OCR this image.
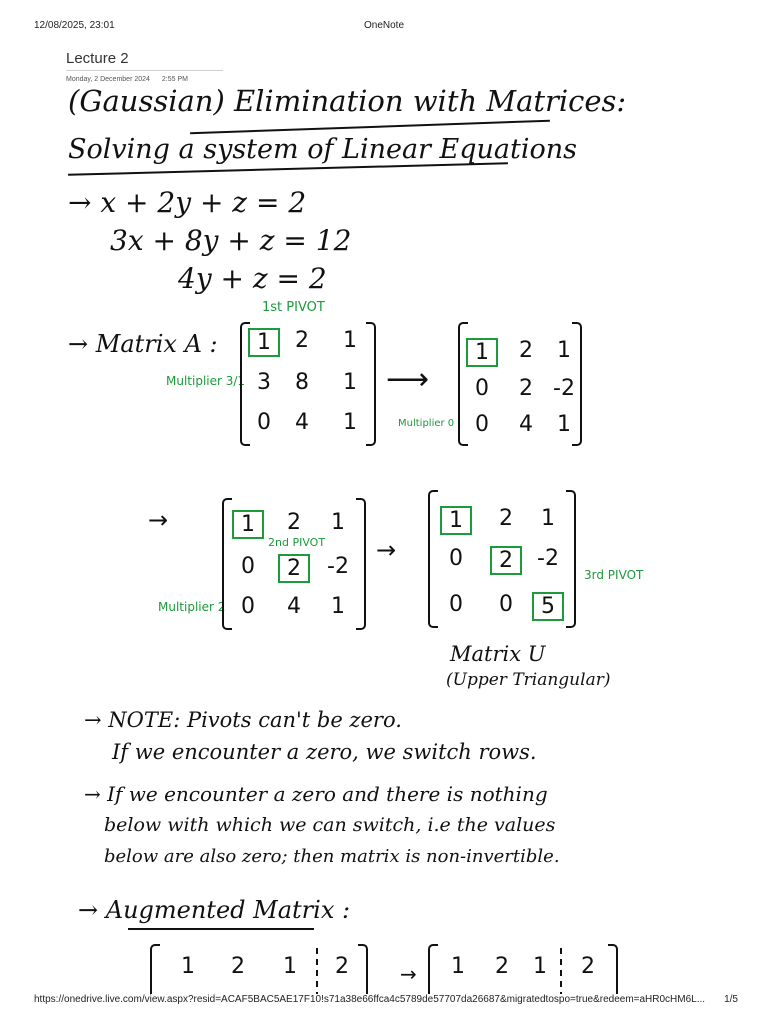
12/08/2025, 23:01	OneNote
Lecture 2
Monday, 2 December 2024 2:55 PM
(Gaussian) Elimination with Matrices:
Solving a system of Linear Equations
→ x + 2y + z = 2
3x + 8y + z = 12
4y + z = 2
→ Matrix A :
1st PIVOT
Multiplier 3/1
1	2	1
3	8	1
0	4	1
⟶
Multiplier 0
1	2	1
0	2 -2
0	4	1
→
2nd PIVOT
Multiplier 2
1	2	1
0	2	-2
0	4	1
→
1	2	1
0	2	-2
0	0	5
3rd PIVOT
Matrix U
(Upper Triangular)
→ NOTE: Pivots can't be zero.
If we encounter a zero, we switch rows.
→ If we encounter a zero and there is nothing
below with which we can switch, i.e the values
below are also zero; then matrix is non-invertible.
→ Augmented Matrix :
1	2	1	2	→	1	2	1	2
https://onedrive.live.com/view.aspx?resid=ACAF5BAC5AE17F10!s71a38e66ffca4c5789de57707da26687&migratedtospo=true&redeem=aHR0cHM6L...	1/5
